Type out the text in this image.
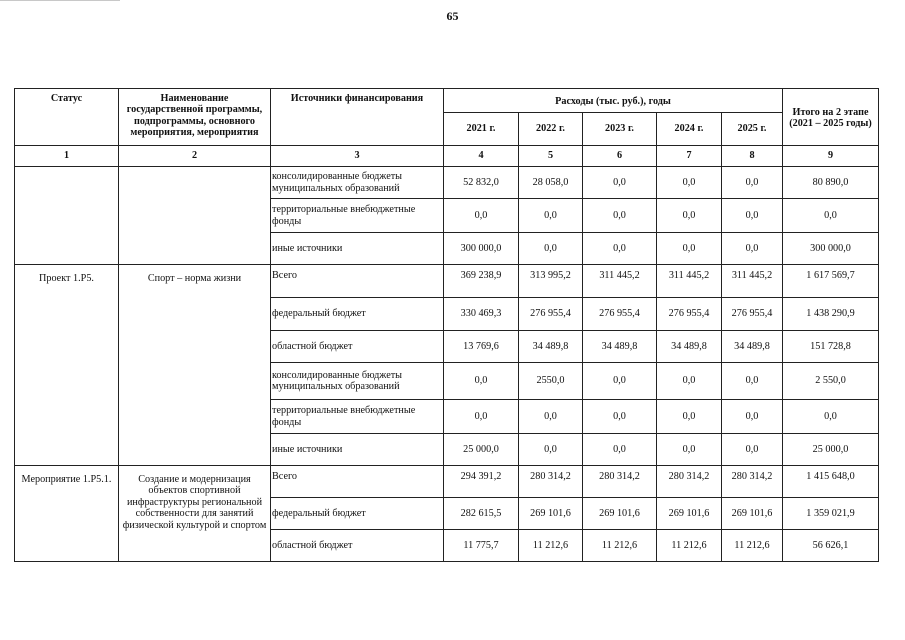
65
Статус	Наименование государственной программы, подпрограммы, основного мероприятия, мероприятия	Источники финансирования	Расходы (тыс. руб.), годы					Итого на 2 этапе (2021 – 2025 годы)
			2021 г.	2022 г.	2023 г.	2024 г.	2025 г.	
1	2	3	4	5	6	7	8	9
		консолидированные бюджеты муниципальных образований	52 832,0	28 058,0	0,0	0,0	0,0	80 890,0
		территориальные внебюджетные фонды	0,0	0,0	0,0	0,0	0,0	0,0
		иные источники	300 000,0	0,0	0,0	0,0	0,0	300 000,0
Проект 1.Р5.	Спорт – норма жизни	Всего	369 238,9	313 995,2	311 445,2	311 445,2	311 445,2	1 617 569,7
		федеральный бюджет	330 469,3	276 955,4	276 955,4	276 955,4	276 955,4	1 438 290,9
		областной бюджет	13 769,6	34 489,8	34 489,8	34 489,8	34 489,8	151 728,8
		консолидированные бюджеты муниципальных образований	0,0	2550,0	0,0	0,0	0,0	2 550,0
		территориальные внебюджетные фонды	0,0	0,0	0,0	0,0	0,0	0,0
		иные источники	25 000,0	0,0	0,0	0,0	0,0	25 000,0
Мероприятие 1.Р5.1.	Создание и модернизация объектов спортивной инфраструктуры региональной собственности для занятий физической культурой и спортом	Всего	294 391,2	280 314,2	280 314,2	280 314,2	280 314,2	1 415 648,0
		федеральный бюджет	282 615,5	269 101,6	269 101,6	269 101,6	269 101,6	1 359 021,9
		областной бюджет	11 775,7	11 212,6	11 212,6	11 212,6	11 212,6	56 626,1
